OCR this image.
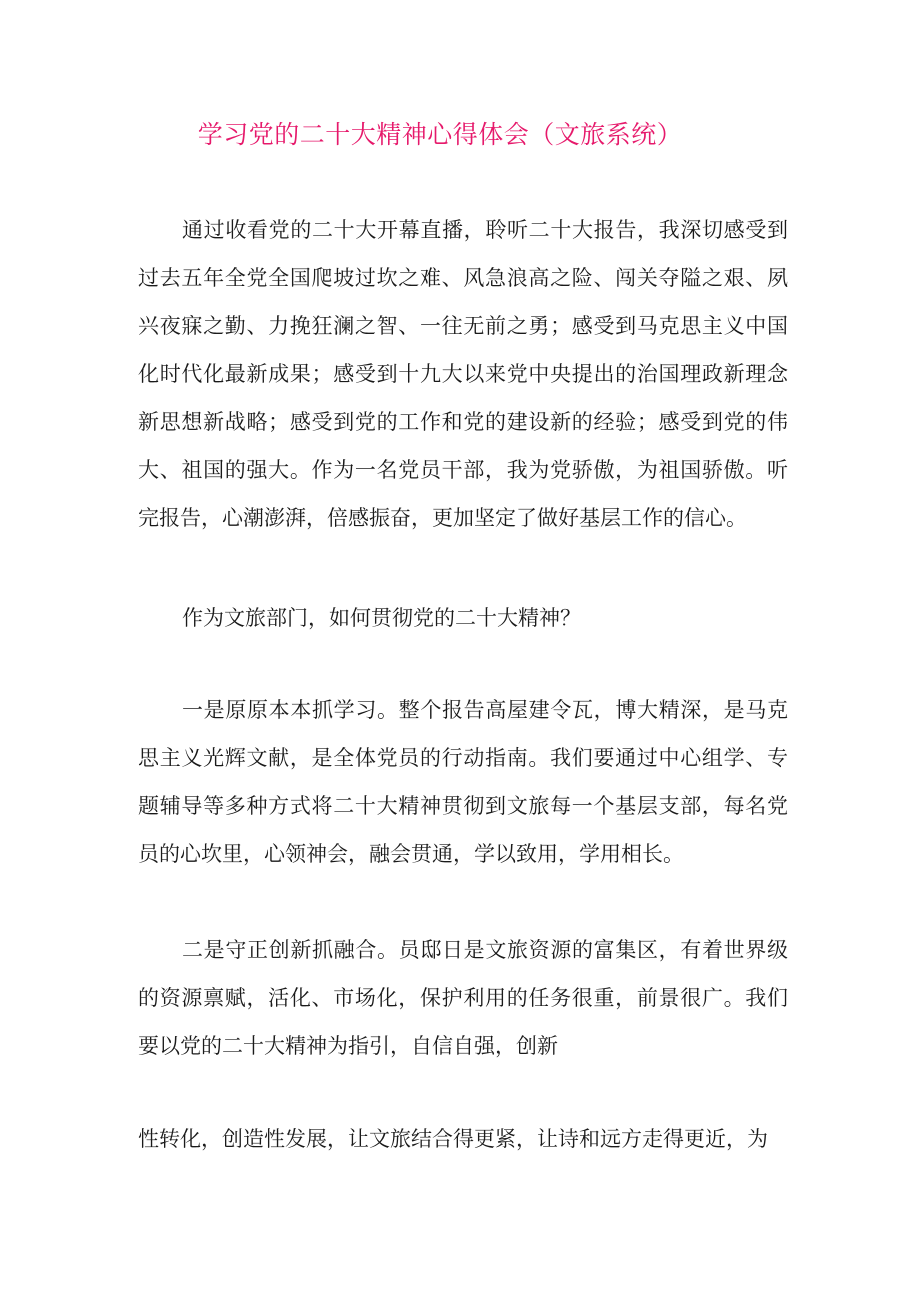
学习党的二十大精神心得体会（文旅系统）

通过收看党的二十大开幕直播，聆听二十大报告，我深切感受到过去五年全党全国爬坡过坎之难、风急浪高之险、闯关夺隘之艰、夙兴夜寐之勤、力挽狂澜之智、一往无前之勇；感受到马克思主义中国化时代化最新成果；感受到十九大以来党中央提出的治国理政新理念新思想新战略；感受到党的工作和党的建设新的经验；感受到党的伟大、祖国的强大。作为一名党员干部，我为党骄傲，为祖国骄傲。听完报告，心潮澎湃，倍感振奋，更加坚定了做好基层工作的信心。

作为文旅部门，如何贯彻党的二十大精神？

一是原原本本抓学习。整个报告高屋建令瓦，博大精深，是马克思主义光辉文献，是全体党员的行动指南。我们要通过中心组学、专题辅导等多种方式将二十大精神贯彻到文旅每一个基层支部，每名党员的心坎里，心领神会，融会贯通，学以致用，学用相长。

二是守正创新抓融合。员邸日是文旅资源的富集区，有着世界级的资源禀赋，活化、市场化，保护利用的任务很重，前景很广。我们要以党的二十大精神为指引，自信自强，创新

性转化，创造性发展，让文旅结合得更紧，让诗和远方走得更近，为
